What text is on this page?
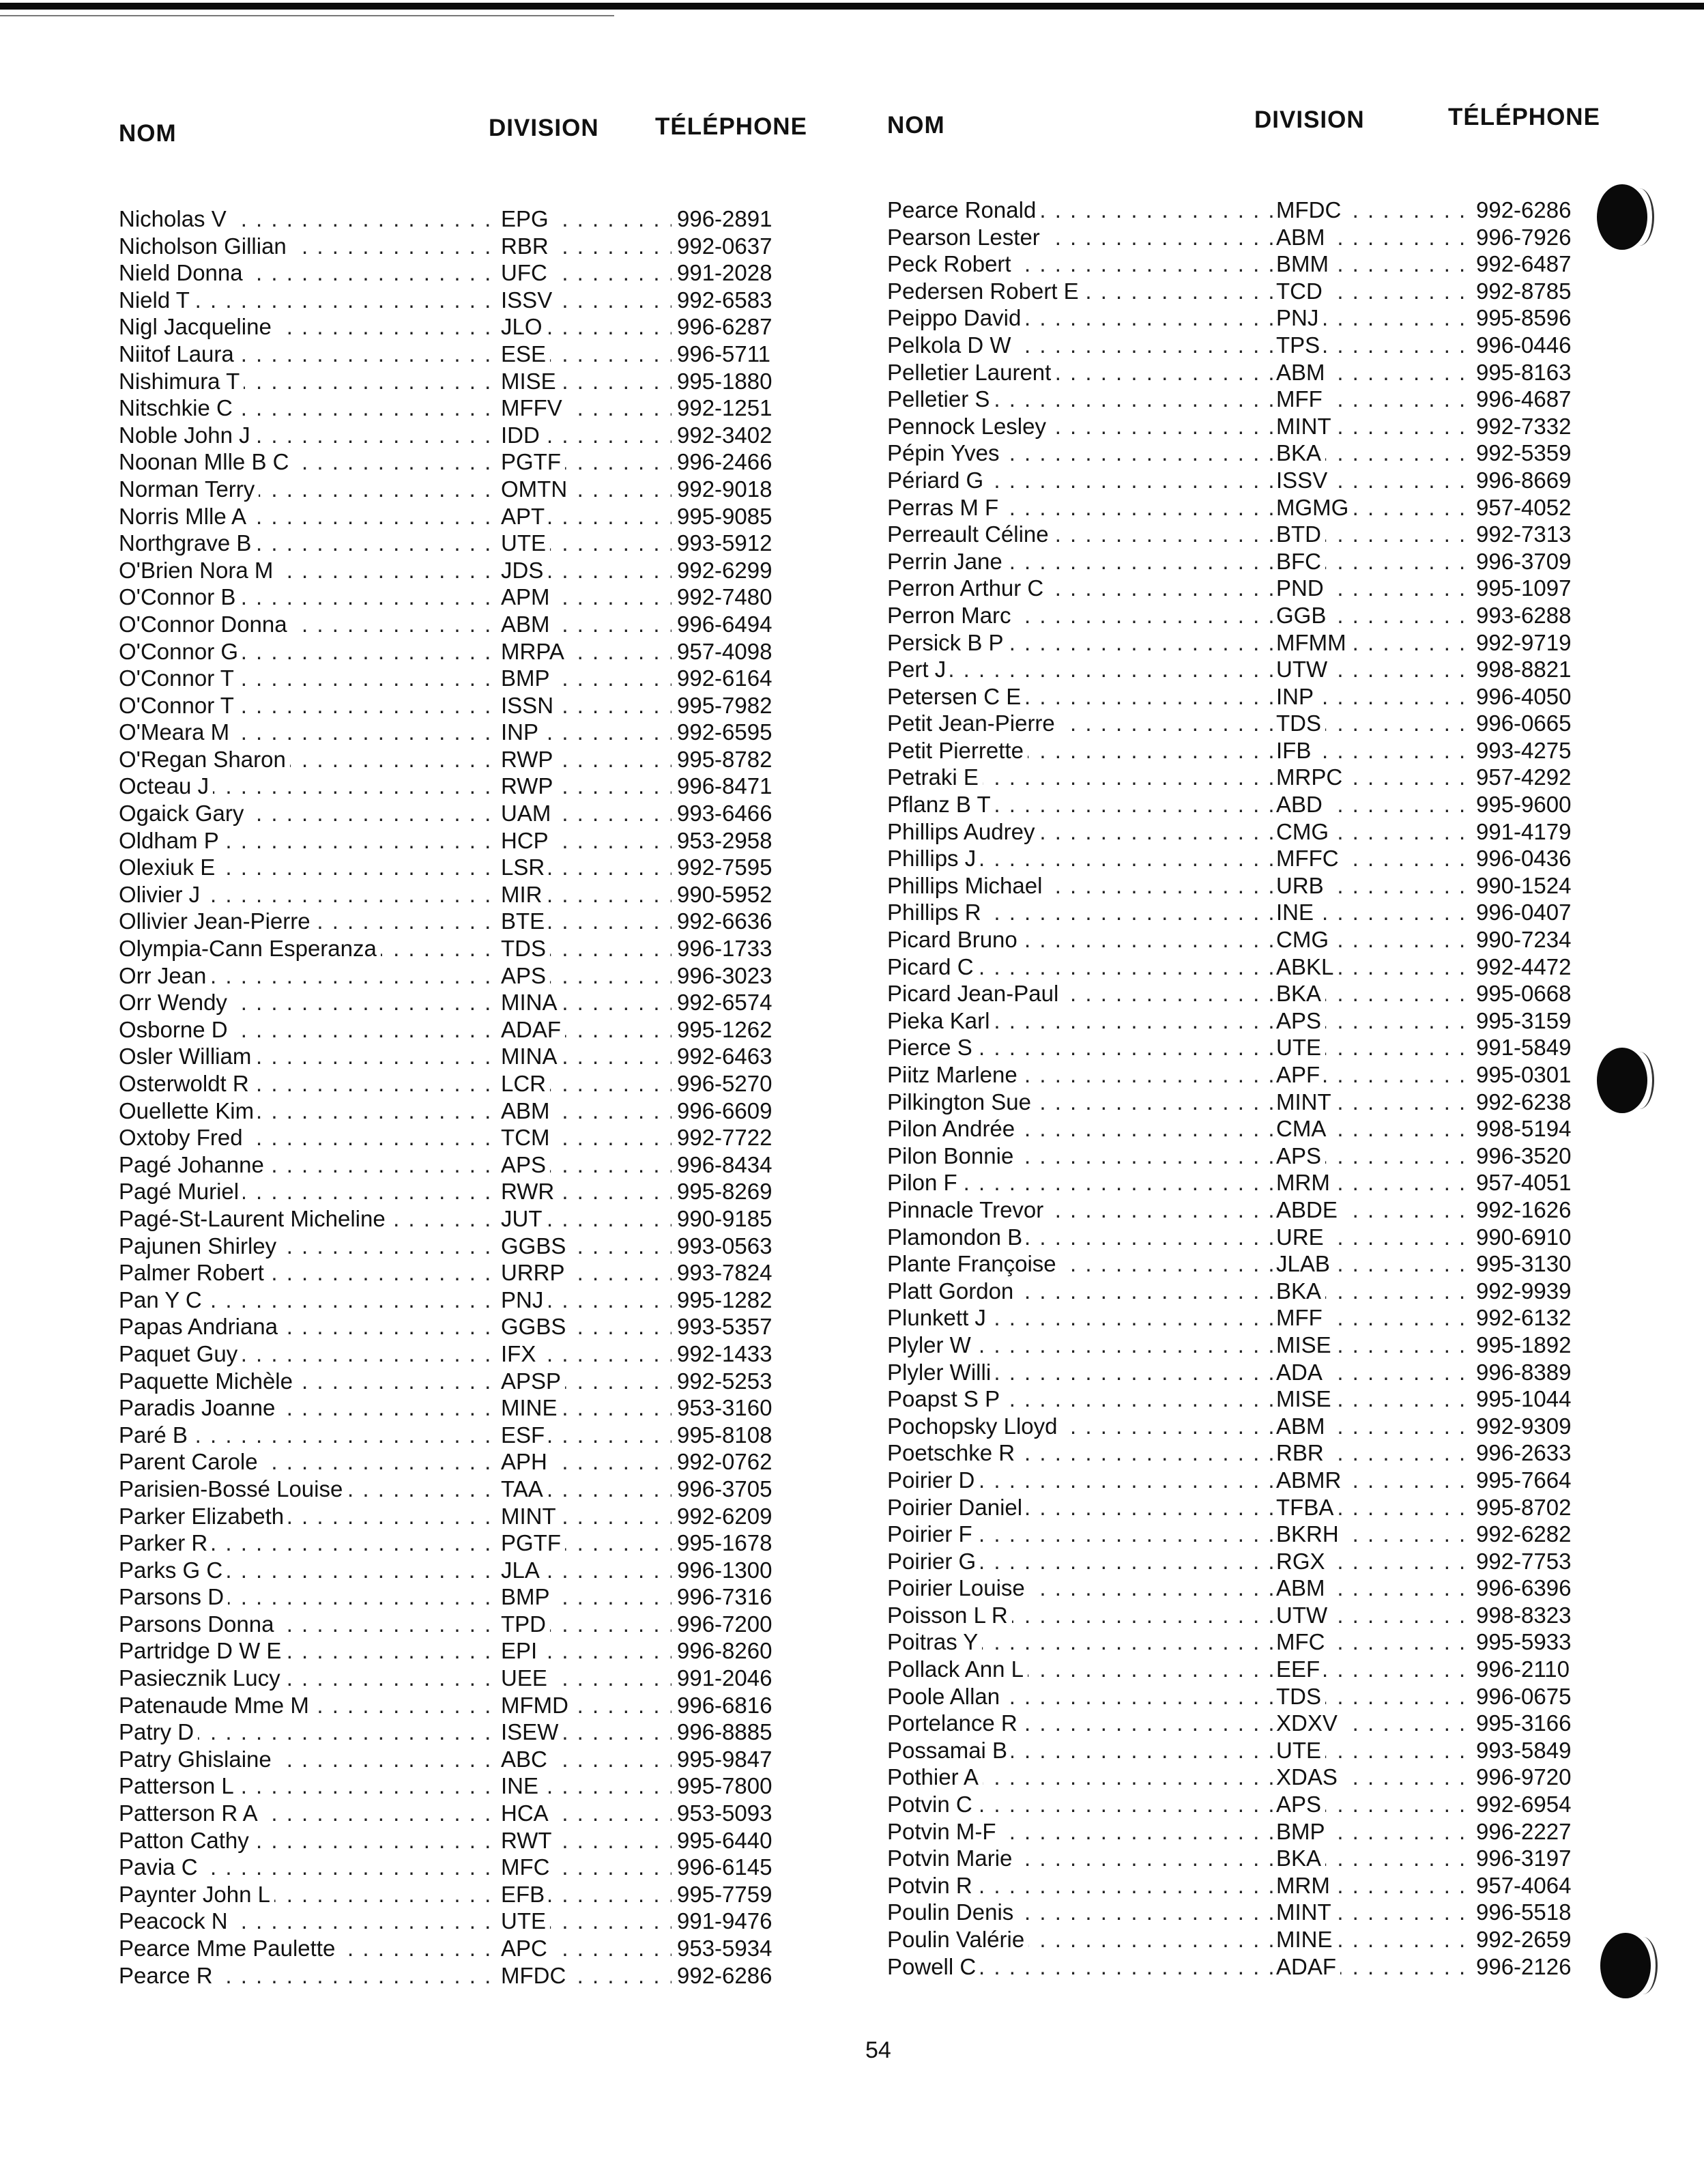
NOM	DIVISION TÉLÉPHONE
Nicholas V . . .	EPG . . .	996-2891
Nicholson Gillian . . .	RBR . . .	992-0637
Nield Donna . . .	UFC . . .	991-2028
Nield T . . .	ISSV . . .	992-6583
Nigl Jacqueline . . .	JLO . . .	996-6287
Niitof Laura . . .	ESE . . .	996-5711
Nishimura T . . .	MISE . . .	995-1880
Nitschkie C . . .	MFFV . . .	992-1251
Noble John J . . .	IDD . . .	992-3402
Noonan Mlle B C . . .	PGTF . . .	996-2466
Norman Terry . . .	OMTN . . .	992-9018
Norris Mlle A . . .	APT . . .	995-9085
Northgrave B . . .	UTE . . .	993-5912
O'Brien Nora M . . .	JDS . . .	992-6299
O'Connor B . . .	APM . . .	992-7480
O'Connor Donna . . .	ABM . . .	996-6494
O'Connor G . . .	MRPA . . .	957-4098
O'Connor T . . .	BMP . . .	992-6164
O'Connor T . . .	ISSN . . .	995-7982
O'Meara M . . .	INP . . .	992-6595
O'Regan Sharon . . .	RWP . . .	995-8782
Octeau J . . .	RWP . . .	996-8471
Ogaick Gary . . .	UAM . . .	993-6466
Oldham P . . .	HCP . . .	953-2958
Olexiuk E . . .	LSR . . .	992-7595
Olivier J . . .	MIR . . .	990-5952
Ollivier Jean-Pierre . . .	BTE . . .	992-6636
Olympia-Cann Esperanza . . .	TDS . . .	996-1733
Orr Jean . . .	APS . . .	996-3023
Orr Wendy . . .	MINA . . .	992-6574
Osborne D . . .	ADAF . . .	995-1262
Osler William . . .	MINA . . .	992-6463
Osterwoldt R . . .	LCR . . .	996-5270
Ouellette Kim . . .	ABM . . .	996-6609
Oxtoby Fred . . .	TCM . . .	992-7722
Pagé Johanne . . .	APS . . .	996-8434
Pagé Muriel . . .	RWR . . .	995-8269
Pagé-St-Laurent Micheline . . .	JUT . . .	990-9185
Pajunen Shirley . . .	GGBS . . .	993-0563
Palmer Robert . . .	URRP . . .	993-7824
Pan Y C . . .	PNJ . . .	995-1282
Papas Andriana . . .	GGBS . . .	993-5357
Paquet Guy . . .	IFX . . .	992-1433
Paquette Michèle . . .	APSP . . .	992-5253
Paradis Joanne . . .	MINE . . .	953-3160
Paré B . . .	ESF . . .	995-8108
Parent Carole . . .	APH . . .	992-0762
Parisien-Bossé Louise . . .	TAA . . .	996-3705
Parker Elizabeth . . .	MINT . . .	992-6209
Parker R . . .	PGTF . . .	995-1678
Parks G C . . .	JLA . . .	996-1300
Parsons D . . .	BMP . . .	996-7316
Parsons Donna . . .	TPD . . .	996-7200
Partridge D W E . . .	EPI . . .	996-8260
Pasiecznik Lucy . . .	UEE . . .	991-2046
Patenaude Mme M . . .	MFMD . . .	996-6816
Patry D . . .	ISEW . . .	996-8885
Patry Ghislaine . . .	ABC . . .	995-9847
Patterson L . . .	INE . . .	995-7800
Patterson R A . . .	HCA . . .	953-5093
Patton Cathy . . .	RWT . . .	995-6440
Pavia C . . .	MFC . . .	996-6145
Paynter John L . . .	EFB . . .	995-7759
Peacock N . . .	UTE . . .	991-9476
Pearce Mme Paulette . . .	APC . . .	953-5934
Pearce R . . .	MFDC . . .	992-6286
NOM	DIVISION	TÉLÉPHONE
Pearce Ronald . . .	MFDC . . .	992-6286
Pearson Lester . . .	ABM . . .	996-7926
Peck Robert . . .	BMM . . .	992-6487
Pedersen Robert E . . .	TCD . . .	992-8785
Peippo David . . .	PNJ . . .	995-8596
Pelkola D W . . .	TPS . . .	996-0446
Pelletier Laurent . . .	ABM . . .	995-8163
Pelletier S . . .	MFF . . .	996-4687
Pennock Lesley . . .	MINT . . .	992-7332
Pépin Yves . . .	BKA . . .	992-5359
Périard G . . .	ISSV . . .	996-8669
Perras M F . . .	MGMG . . .	957-4052
Perreault Céline . . .	BTD . . .	992-7313
Perrin Jane . . .	BFC . . .	996-3709
Perron Arthur C . . .	PND . . .	995-1097
Perron Marc . . .	GGB . . .	993-6288
Persick B P . . .	MFMM . . .	992-9719
Pert J . . .	UTW . . .	998-8821
Petersen C E . . .	INP . . .	996-4050
Petit Jean-Pierre . . .	TDS . . .	996-0665
Petit Pierrette . . .	IFB . . .	993-4275
Petraki E . . .	MRPC . . .	957-4292
Pflanz B T . . .	ABD . . .	995-9600
Phillips Audrey . . .	CMG . . .	991-4179
Phillips J . . .	MFFC . . .	996-0436
Phillips Michael . . .	URB . . .	990-1524
Phillips R . . .	INE . . .	996-0407
Picard Bruno . . .	CMG . . .	990-7234
Picard C . . .	ABKL . . .	992-4472
Picard Jean-Paul . . .	BKA . . .	995-0668
Pieka Karl . . .	APS . . .	995-3159
Pierce S . . .	UTE . . .	991-5849
Piitz Marlene . . .	APF . . .	995-0301
Pilkington Sue . . .	MINT . . .	992-6238
Pilon Andrée . . .	CMA . . .	998-5194
Pilon Bonnie . . .	APS . . .	996-3520
Pilon F . . .	MRM . . .	957-4051
Pinnacle Trevor . . .	ABDE . . .	992-1626
Plamondon B . . .	URE . . .	990-6910
Plante Françoise . . .	JLAB . . .	995-3130
Platt Gordon . . .	BKA . . .	992-9939
Plunkett J . . .	MFF . . .	992-6132
Plyler W . . .	MISE . . .	995-1892
Plyler Willi . . .	ADA . . .	996-8389
Poapst S P . . .	MISE . . .	995-1044
Pochopsky Lloyd . . .	ABM . . .	992-9309
Poetschke R . . .	RBR . . .	996-2633
Poirier D . . .	ABMR . . .	995-7664
Poirier Daniel . . .	TFBA . . .	995-8702
Poirier F . . .	BKRH . . .	992-6282
Poirier G . . .	RGX . . .	992-7753
Poirier Louise . . .	ABM . . .	996-6396
Poisson L R . . .	UTW . . .	998-8323
Poitras Y . . .	MFC . . .	995-5933
Pollack Ann L . . .	EEF . . .	996-2110
Poole Allan . . .	TDS . . .	996-0675
Portelance R . . .	XDXV . . .	995-3166
Possamai B . . .	UTE . . .	993-5849
Pothier A . . .	XDAS . . .	996-9720
Potvin C . . .	APS . . .	992-6954
Potvin M-F . . .	BMP . . .	996-2227
Potvin Marie . . .	BKA . . .	996-3197
Potvin R . . .	MRM . . .	957-4064
Poulin Denis . . .	MINT . . .	996-5518
Poulin Valérie . . .	MINE . . .	992-2659
Powell C . . .	ADAF . . .	996-2126
54
